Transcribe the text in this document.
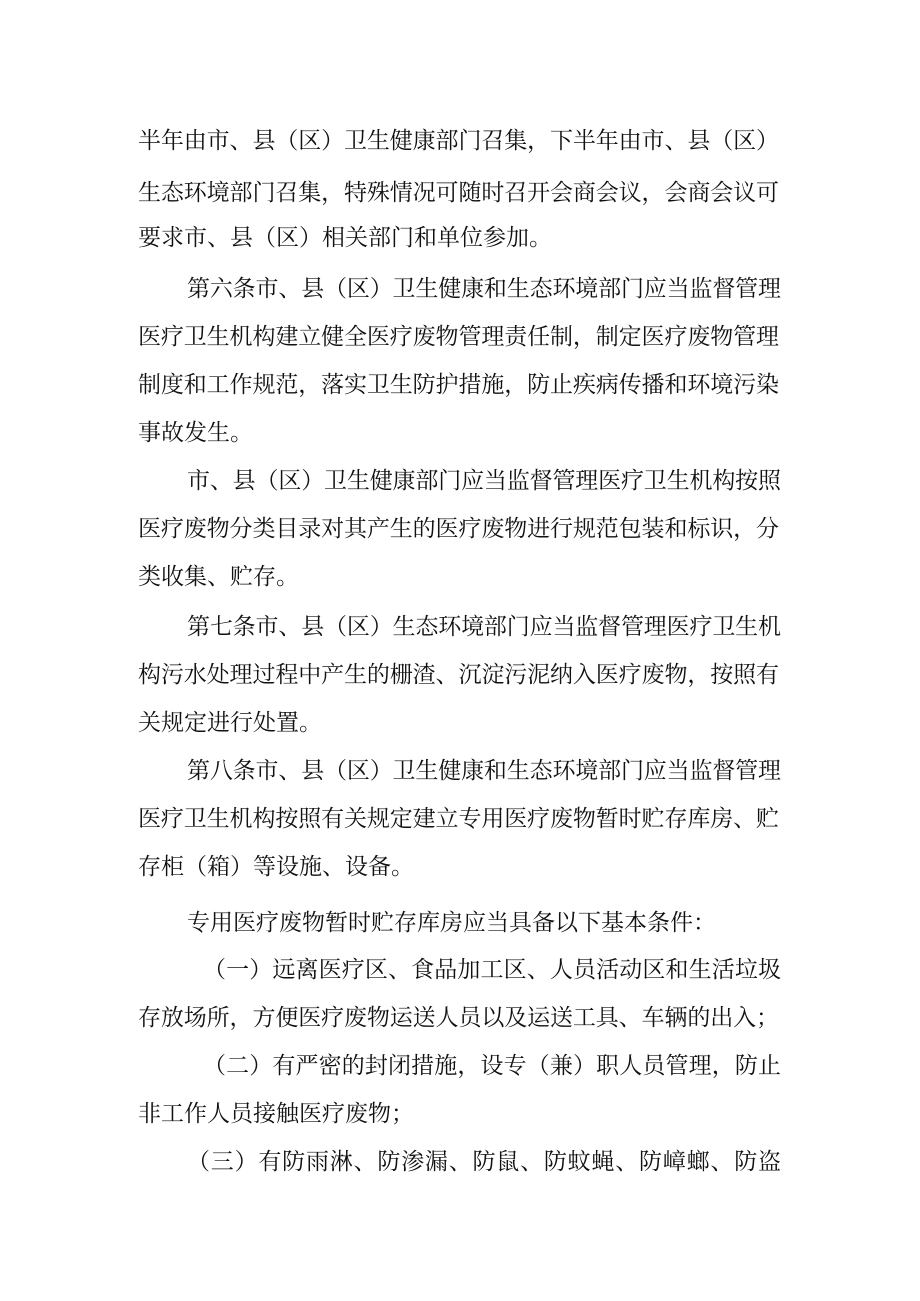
半年由市、县（区）卫生健康部门召集，下半年由市、县（区）
生态环境部门召集，特殊情况可随时召开会商会议，会商会议可
要求市、县（区）相关部门和单位参加。
第六条市、县（区）卫生健康和生态环境部门应当监督管理
医疗卫生机构建立健全医疗废物管理责任制，制定医疗废物管理
制度和工作规范，落实卫生防护措施，防止疾病传播和环境污染
事故发生。
市、县（区）卫生健康部门应当监督管理医疗卫生机构按照
医疗废物分类目录对其产生的医疗废物进行规范包装和标识，分
类收集、贮存。
第七条市、县（区）生态环境部门应当监督管理医疗卫生机
构污水处理过程中产生的栅渣、沉淀污泥纳入医疗废物，按照有
关规定进行处置。
第八条市、县（区）卫生健康和生态环境部门应当监督管理
医疗卫生机构按照有关规定建立专用医疗废物暂时贮存库房、贮
存柜（箱）等设施、设备。
专用医疗废物暂时贮存库房应当具备以下基本条件：
（一）远离医疗区、食品加工区、人员活动区和生活垃圾
存放场所，方便医疗废物运送人员以及运送工具、车辆的出入；
（二）有严密的封闭措施，设专（兼）职人员管理，防止
非工作人员接触医疗废物；
（三）有防雨淋、防渗漏、防鼠、防蚊蝇、防嶂螂、防盗
